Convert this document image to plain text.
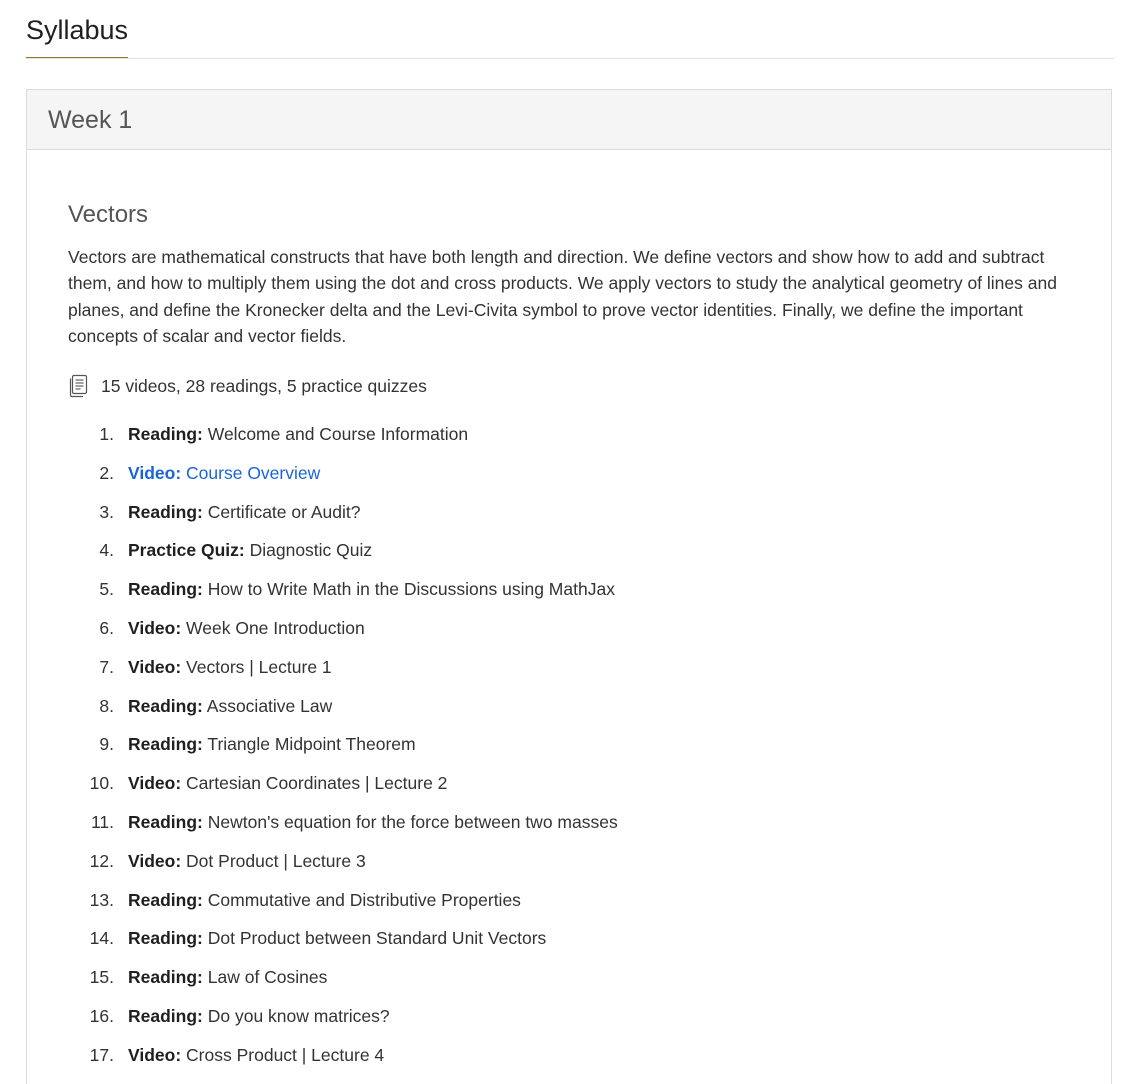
Syllabus
Week 1
Vectors

Vectors are mathematical constructs that have both length and direction. We define vectors and show how to add and subtract them, and how to multiply them using the dot and cross products. We apply vectors to study the analytical geometry of lines and planes, and define the Kronecker delta and the Levi-Civita symbol to prove vector identities. Finally, we define the important concepts of scalar and vector fields.

15 videos, 28 readings, 5 practice quizzes
1. Reading: Welcome and Course Information
2. Video: Course Overview
3. Reading: Certificate or Audit?
4. Practice Quiz: Diagnostic Quiz
5. Reading: How to Write Math in the Discussions using MathJax
6. Video: Week One Introduction
7. Video: Vectors | Lecture 1
8. Reading: Associative Law
9. Reading: Triangle Midpoint Theorem
10. Video: Cartesian Coordinates | Lecture 2
11. Reading: Newton's equation for the force between two masses
12. Video: Dot Product | Lecture 3
13. Reading: Commutative and Distributive Properties
14. Reading: Dot Product between Standard Unit Vectors
15. Reading: Law of Cosines
16. Reading: Do you know matrices?
17. Video: Cross Product | Lecture 4
